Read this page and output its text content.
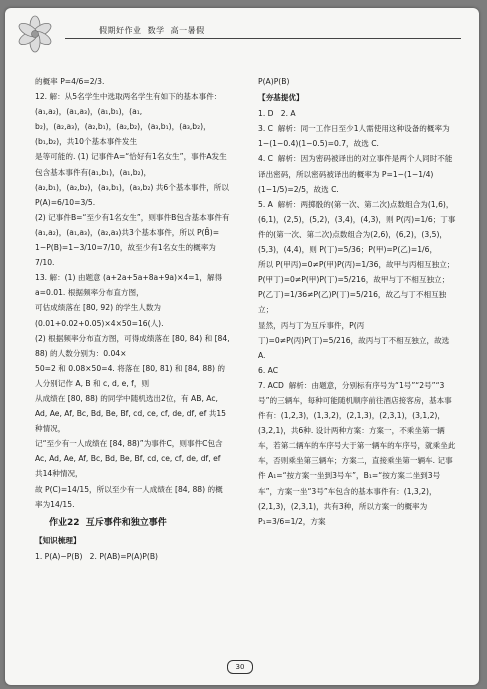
假期好作业  数学  高一暑假

的概率 P=4/6=2/3.

12. 解：从5名学生中选取两名学生有如下的基本事件：(a₁,a₂)，(a₁,a₃)，(a₁,b₁)，(a₁,

b₂)，(a₂,a₃)，(a₂,b₁)，(a₂,b₂)，(a₃,b₁)，(a₃,b₂)，(b₁,b₂)，共10个基本事件发生

是等可能的. (1) 记事件A=“恰好有1名女生”，事件A发生包含基本事件有(a₁,b₁)，(a₁,b₂)，

(a₂,b₁)，(a₂,b₂)，(a₃,b₁)，(a₃,b₂) 共6个基本事件，所以

P(A)=6/10=3/5.

(2) 记事件B=“至少有1名女生”，则事件B包含基本事件有(a₁,a₂)，(a₁,a₃)，(a₂,a₃)共3个基本事件，所以 P(B̄)=

1−P(B)=1−3/10=7/10，故至少有1名女生的概率为7/10.

13. 解：(1) 由题意 (a+2a+5a+8a+9a)×4=1，解得 a=0.01. 根据频率分布直方图，

可估成绩落在 [80, 92) 的学生人数为 (0.01+0.02+0.05)×4×50=16(人).

(2) 根据频率分布直方图，可得成绩落在 [80, 84) 和 [84, 88) 的人数分别为：0.04×

50=2 和 0.08×50=4. 将落在 [80, 81) 和 [84, 88) 的人分别记作 A, B 和 c, d, e, f，则

从成绩在 [80, 88) 的同学中随机选出2位，有 AB, Ac, Ad, Ae, Af, Bc, Bd, Be, Bf, cd, ce, cf, de, df, ef 共15种情况，

记“至少有一人成绩在 [84, 88)”为事件C，则事件C包含 Ac, Ad, Ae, Af, Bc, Bd, Be, Bf, cd, ce, cf, de, df, ef 共14种情况，

故 P(C)=14/15，所以至少有一人成绩在 [84, 88) 的概率为14/15.

作业22  互斥事件和独立事件

【知识梳理】

1. P(A)−P(B)   2. P(AB)=P(A)P(B)

P(A)P(B)

【夯基提优】

1. D   2. A

3. C  解析：同一工作日至少1人需使用这种设备的概率为 1−(1−0.4)(1−0.5)=0.7，故选 C.

4. C  解析：因为密码被译出的对立事件是两个人同时不能译出密码，所以密码被译出的概率为 P=1−(1−1/4)(1−1/5)=2/5，故选 C.

5. A  解析：两掷骰的(第一次、第二次)点数组合为(1,6)，(6,1)，(2,5)，(5,2)，(3,4)，(4,3)，则 P(丙)=1/6；丁事件的(第一次、第二次)点数组合为(2,6)，(6,2)，(3,5)，(5,3)，(4,4)，则 P(丁)=5/36；P(甲)=P(乙)=1/6，

所以 P(甲丙)=0≠P(甲)P(丙)=1/36，故甲与丙相互独立；P(甲丁)=0≠P(甲)P(丁)=5/216，故甲与丁不相互独立；P(乙丁)=1/36≠P(乙)P(丁)=5/216，故乙与丁不相互独立；

显然，丙与丁为互斥事件，P(丙丁)=0≠P(丙)P(丁)=5/216，故丙与丁不相互独立，故选 A.

6. AC

7. ACD  解析：由题意，分别标有序号为“1号”“2号”“3号”的三辆车，每种可能随机顺序前往酒店接客房，基本事件有：(1,2,3)，(1,3,2)，(2,1,3)，(2,3,1)，(3,1,2)，(3,2,1)，共6种. 设计两种方案：方案一，不乘坐第一辆车，若第二辆车的车序号大于第一辆车的车序号，就乘坐此车，否则乘坐第三辆车；方案二，直接乘坐第一辆车. 记事件 A₁=“按方案一坐到3号车”，B₁=“按方案二坐到3号车”，方案一坐“3号”车包含的基本事件有：(1,3,2)，(2,1,3)，(2,3,1)，共有3种，所以方案一的概率为 P₁=3/6=1/2，方案

30
